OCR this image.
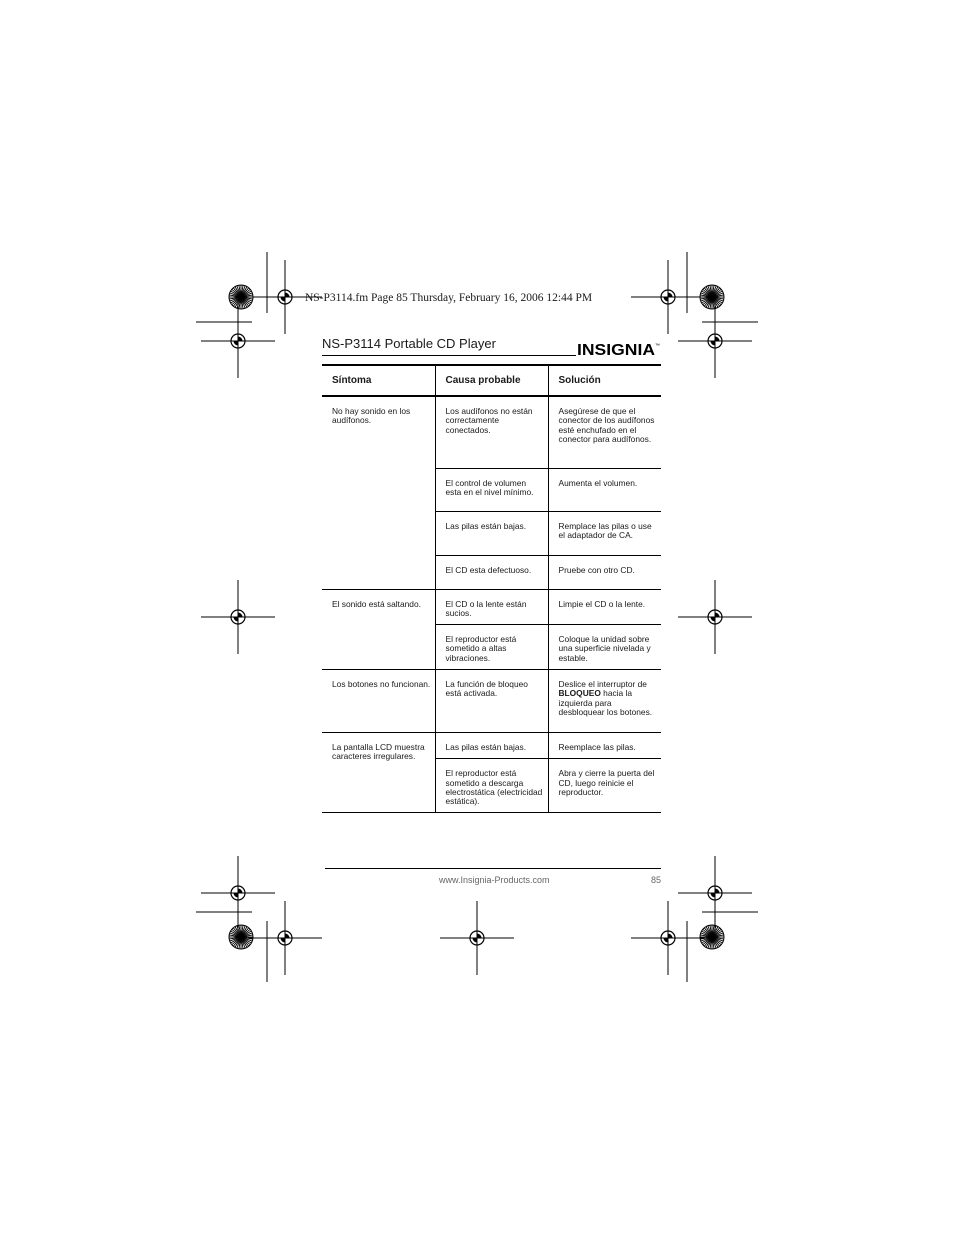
NS-P3114.fm Page 85 Thursday, February 16, 2006 12:44 PM
NS-P3114 Portable CD Player	INSIGNIA ™
Síntoma	Causa probable	Solución
No hay sonido en los audífonos.	Los audífonos no están correctamente conectados.	Asegúrese de que el conector de los audífonos esté enchufado en el conector para audífonos.
	El control de volumen esta en el nivel mínimo.	Aumenta el volumen.
	Las pilas están bajas.	Remplace las pilas o use el adaptador de CA.
	El CD esta defectuoso.	Pruebe con otro CD.
El sonido está saltando.	El CD o la lente están sucios.	Limpie el CD o la lente.
	El reproductor está sometido a altas vibraciones.	Coloque la unidad sobre una superficie nivelada y estable.
Los botones no funcionan.	La función de bloqueo está activada.	Deslice el interruptor de BLOQUEO hacia la izquierda para desbloquear los botones.
La pantalla LCD muestra caracteres irregulares.	Las pilas están bajas.	Reemplace las pilas.
	El reproductor está sometido a descarga electrostática (electricidad estática).	Abra y cierre la puerta del CD, luego reinicie el reproductor.
www.Insignia-Products.com	85
